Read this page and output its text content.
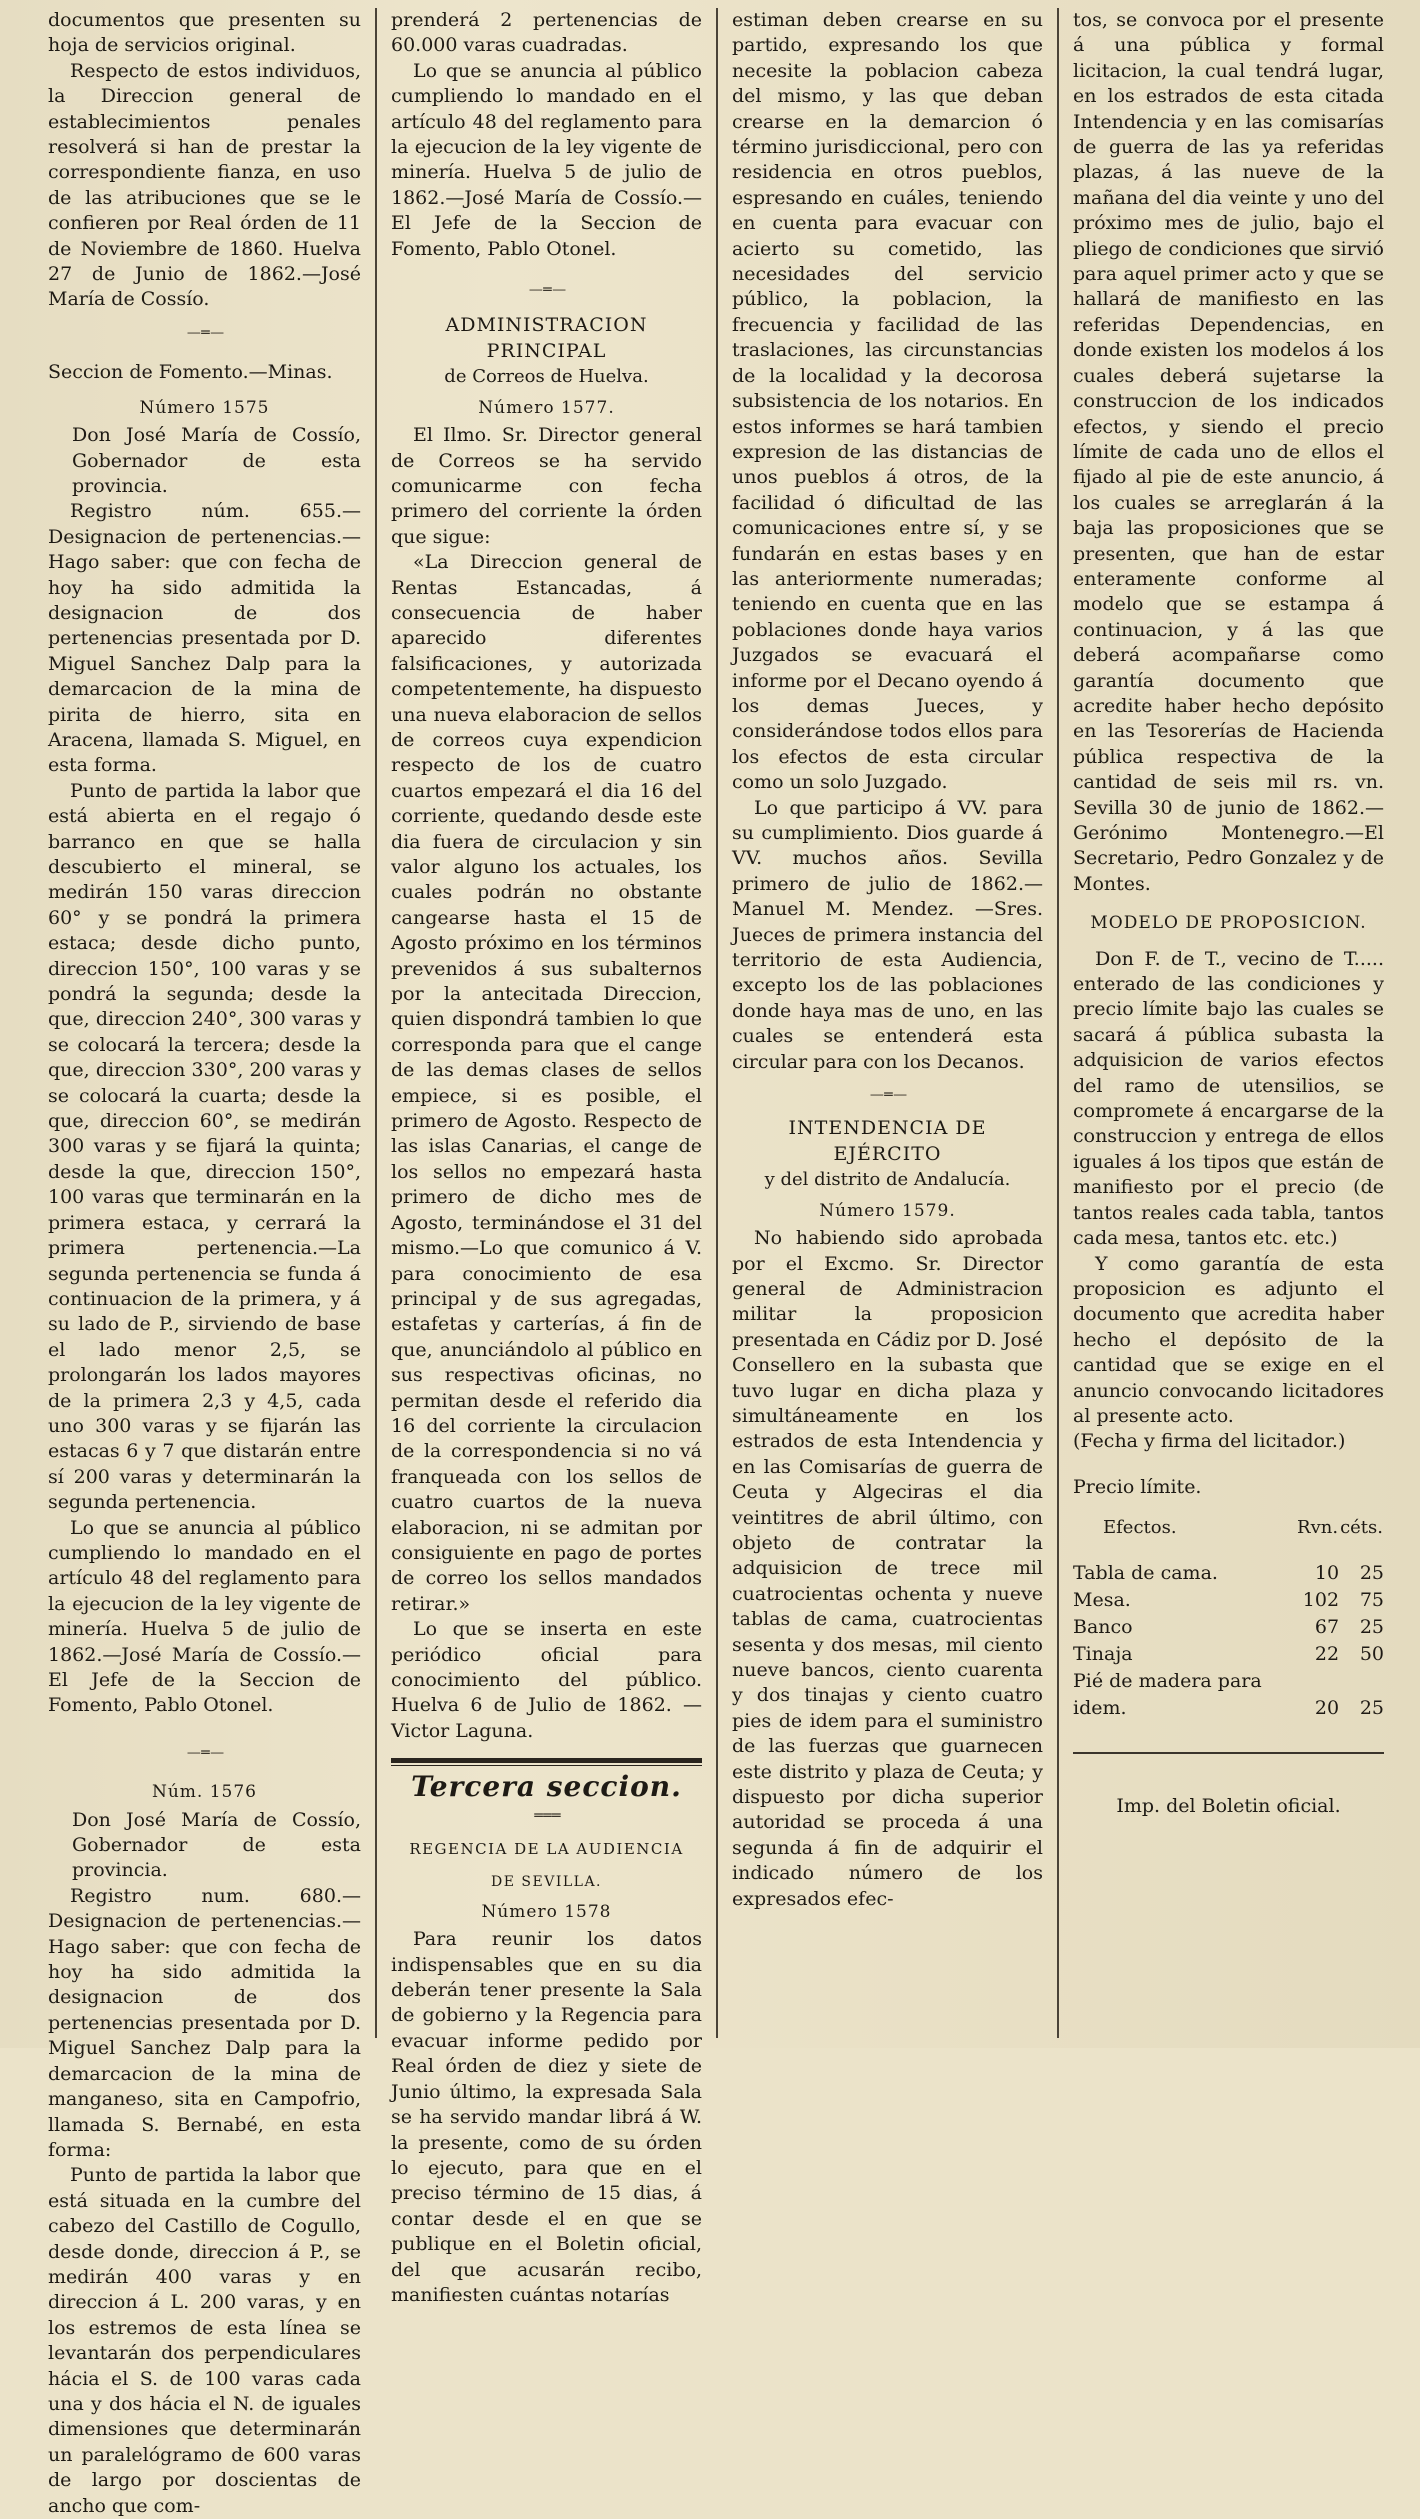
documentos que presenten su hoja de servicios original.

Respecto de estos individuos, la Direccion general de establecimientos penales resolverá si han de prestar la correspondiente fianza, en uso de las atribuciones que se le confieren por Real órden de 11 de Noviembre de 1860. Huelva 27 de Junio de 1862.—José María de Cossío.

— ═ —

Seccion de Fomento.—Minas.

Número 1575

Don José María de Cossío, Gobernador de esta provincia.

Registro núm. 655.—Designacion de pertenencias.—Hago saber: que con fecha de hoy ha sido admitida la designacion de dos pertenencias presentada por D. Miguel Sanchez Dalp para la demarcacion de la mina de pirita de hierro, sita en Aracena, llamada S. Miguel, en esta forma.

Punto de partida la labor que está abierta en el regajo ó barranco en que se halla descubierto el mineral, se medirán 150 varas direccion 60° y se pondrá la primera estaca; desde dicho punto, direccion 150°, 100 varas y se pondrá la segunda; desde la que, direccion 240°, 300 varas y se colocará la tercera; desde la que, direccion 330°, 200 varas y se colocará la cuarta; desde la que, direccion 60°, se medirán 300 varas y se fijará la quinta; desde la que, direccion 150°, 100 varas que terminarán en la primera estaca, y cerrará la primera pertenencia.—La segunda pertenencia se funda á continuacion de la primera, y á su lado de P., sirviendo de base el lado menor 2,5, se prolongarán los lados mayores de la primera 2,3 y 4,5, cada uno 300 varas y se fijarán las estacas 6 y 7 que distarán entre sí 200 varas y determinarán la segunda pertenencia.

Lo que se anuncia al público cumpliendo lo mandado en el artículo 48 del reglamento para la ejecucion de la ley vigente de minería. Huelva 5 de julio de 1862.—José María de Cossío.—El Jefe de la Seccion de Fomento, Pablo Otonel.

— ═ —
Núm. 1576

Don José María de Cossío, Gobernador de esta provincia.

Registro num. 680.—Designacion de pertenencias.—Hago saber: que con fecha de hoy ha sido admitida la designacion de dos pertenencias presentada por D. Miguel Sanchez Dalp para la demarcacion de la mina de manganeso, sita en Campofrio, llamada S. Bernabé, en esta forma:

Punto de partida la labor que está situada en la cumbre del cabezo del Castillo de Cogullo, desde donde, direccion á P., se medirán 400 varas y en direccion á L. 200 varas, y en los estremos de esta línea se levantarán dos perpendiculares hácia el S. de 100 varas cada una y dos hácia el N. de iguales dimensiones que determinarán un paralelógramo de 600 varas de largo por doscientas de ancho que com-

prenderá 2 pertenencias de 60.000 varas cuadradas.

Lo que se anuncia al público cumpliendo lo mandado en el artículo 48 del reglamento para la ejecucion de la ley vigente de minería. Huelva 5 de julio de 1862.—José María de Cossío.—El Jefe de la Seccion de Fomento, Pablo Otonel.

— ═ —
ADMINISTRACION PRINCIPAL
de Correos de Huelva.
Número 1577.

El Ilmo. Sr. Director general de Correos se ha servido comunicarme con fecha primero del corriente la órden que sigue:

«La Direccion general de Rentas Estancadas, á consecuencia de haber aparecido diferentes falsificaciones, y autorizada competentemente, ha dispuesto una nueva elaboracion de sellos de correos cuya expendicion respecto de los de cuatro cuartos empezará el dia 16 del corriente, quedando desde este dia fuera de circulacion y sin valor alguno los actuales, los cuales podrán no obstante cangearse hasta el 15 de Agosto próximo en los términos prevenidos á sus subalternos por la antecitada Direccion, quien dispondrá tambien lo que corresponda para que el cange de las demas clases de sellos empiece, si es posible, el primero de Agosto. Respecto de las islas Canarias, el cange de los sellos no empezará hasta primero de dicho mes de Agosto, terminándose el 31 del mismo.—Lo que comunico á V. para conocimiento de esa principal y de sus agregadas, estafetas y carterías, á fin de que, anunciándolo al público en sus respectivas oficinas, no permitan desde el referido dia 16 del corriente la circulacion de la correspondencia si no vá franqueada con los sellos de cuatro cuartos de la nueva elaboracion, ni se admitan por consiguiente en pago de portes de correo los sellos mandados retirar.»

Lo que se inserta en este periódico oficial para conocimiento del público. Huelva 6 de Julio de 1862. —Victor Laguna.

Tercera seccion.
═ ═ ═
REGENCIA DE LA AUDIENCIA
DE SEVILLA.
Número 1578

Para reunir los datos indispensables que en su dia deberán tener presente la Sala de gobierno y la Regencia para evacuar informe pedido por Real órden de diez y siete de Junio último, la expresada Sala se ha servido mandar librá á W. la presente, como de su órden lo ejecuto, para que en el preciso término de 15 dias, á contar desde el en que se publique en el Boletin oficial, del que acusarán recibo, manifiesten cuántas notarías

estiman deben crearse en su partido, expresando los que necesite la poblacion cabeza del mismo, y las que deban crearse en la demarcion ó término jurisdiccional, pero con residencia en otros pueblos, espresando en cuáles, teniendo en cuenta para evacuar con acierto su cometido, las necesidades del servicio público, la poblacion, la frecuencia y facilidad de las traslaciones, las circunstancias de la localidad y la decorosa subsistencia de los notarios. En estos informes se hará tambien expresion de las distancias de unos pueblos á otros, de la facilidad ó dificultad de las comunicaciones entre sí, y se fundarán en estas bases y en las anteriormente numeradas; teniendo en cuenta que en las poblaciones donde haya varios Juzgados se evacuará el informe por el Decano oyendo á los demas Jueces, y considerándose todos ellos para los efectos de esta circular como un solo Juzgado.

Lo que participo á VV. para su cumplimiento. Dios guarde á VV. muchos años. Sevilla primero de julio de 1862.—Manuel M. Mendez. —Sres. Jueces de primera instancia del territorio de esta Audiencia, excepto los de las poblaciones donde haya mas de uno, en las cuales se entenderá esta circular para con los Decanos.

— ═ —
INTENDENCIA DE EJÉRCITO
y del distrito de Andalucía.
Número 1579.

No habiendo sido aprobada por el Excmo. Sr. Director general de Administracion militar la proposicion presentada en Cádiz por D. José Consellero en la subasta que tuvo lugar en dicha plaza y simultáneamente en los estrados de esta Intendencia y en las Comisarías de guerra de Ceuta y Algeciras el dia veintitres de abril último, con objeto de contratar la adquisicion de trece mil cuatrocientas ochenta y nueve tablas de cama, cuatrocientas sesenta y dos mesas, mil ciento nueve bancos, ciento cuarenta y dos tinajas y ciento cuatro pies de idem para el suministro de las fuerzas que guarnecen este distrito y plaza de Ceuta; y dispuesto por dicha superior autoridad se proceda á una segunda á fin de adquirir el indicado número de los expresados efec-

tos, se convoca por el presente á una pública y formal licitacion, la cual tendrá lugar, en los estrados de esta citada Intendencia y en las comisarías de guerra de las ya referidas plazas, á las nueve de la mañana del dia veinte y uno del próximo mes de julio, bajo el pliego de condiciones que sirvió para aquel primer acto y que se hallará de manifiesto en las referidas Dependencias, en donde existen los modelos á los cuales deberá sujetarse la construccion de los indicados efectos, y siendo el precio límite de cada uno de ellos el fijado al pie de este anuncio, á los cuales se arreglarán á la baja las proposiciones que se presenten, que han de estar enteramente conforme al modelo que se estampa á continuacion, y á las que deberá acompañarse como garantía documento que acredite haber hecho depósito en las Tesorerías de Hacienda pública respectiva de la cantidad de seis mil rs. vn. Sevilla 30 de junio de 1862.—Gerónimo Montenegro.—El Secretario, Pedro Gonzalez y de Montes.

MODELO DE PROPOSICION.

Don F. de T., vecino de T..... enterado de las condiciones y precio límite bajo las cuales se sacará á pública subasta la adquisicion de varios efectos del ramo de utensilios, se compromete á encargarse de la construccion y entrega de ellos iguales á los tipos que están de manifiesto por el precio (de tantos reales cada tabla, tantos cada mesa, tantos etc. etc.)

Y como garantía de esta proposicion es adjunto el documento que acredita haber hecho el depósito de la cantidad que se exige en el anuncio convocando licitadores al presente acto.

(Fecha y firma del licitador.)

Precio límite.

Efectos.	Rvn.	céts.

Tabla de cama.	10	25
Mesa.	102	75
Banco	67	25
Tinaja	22	50
Pié de madera para idem.	20	25
Imp. del Boletin oficial.
